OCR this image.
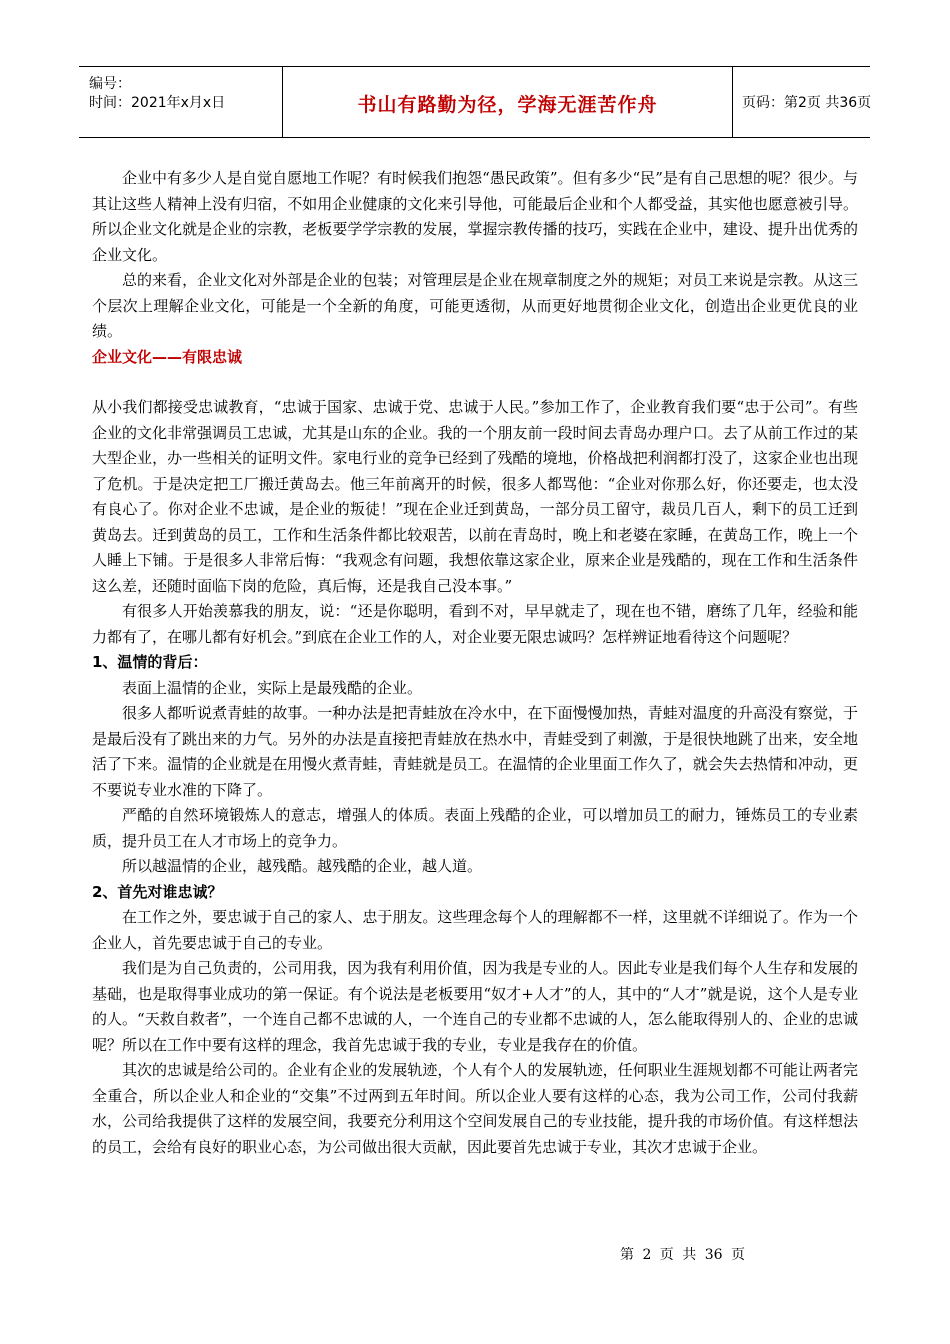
编号：
时间：2021年x月x日	书山有路勤为径，学海无涯苦作舟	页码：第2页 共36页

企业中有多少人是自觉自愿地工作呢？有时候我们抱怨“愚民政策”。但有多少“民”是有自己思想的呢？很少。与其让这些人精神上没有归宿，不如用企业健康的文化来引导他，可能最后企业和个人都受益，其实他也愿意被引导。所以企业文化就是企业的宗教，老板要学学宗教的发展，掌握宗教传播的技巧，实践在企业中，建设、提升出优秀的企业文化。

总的来看，企业文化对外部是企业的包装；对管理层是企业在规章制度之外的规矩；对员工来说是宗教。从这三个层次上理解企业文化，可能是一个全新的角度，可能更透彻，从而更好地贯彻企业文化，创造出企业更优良的业绩。

企业文化——有限忠诚

从小我们都接受忠诚教育，“忠诚于国家、忠诚于党、忠诚于人民。”参加工作了，企业教育我们要“忠于公司”。有些企业的文化非常强调员工忠诚，尤其是山东的企业。我的一个朋友前一段时间去青岛办理户口。去了从前工作过的某大型企业，办一些相关的证明文件。家电行业的竞争已经到了残酷的境地，价格战把利润都打没了，这家企业也出现了危机。于是决定把工厂搬迁黄岛去。他三年前离开的时候，很多人都骂他：“企业对你那么好，你还要走，也太没有良心了。你对企业不忠诚，是企业的叛徒！”现在企业迁到黄岛，一部分员工留守，裁员几百人，剩下的员工迁到黄岛去。迁到黄岛的员工，工作和生活条件都比较艰苦，以前在青岛时，晚上和老婆在家睡，在黄岛工作，晚上一个人睡上下铺。于是很多人非常后悔：“我观念有问题，我想依靠这家企业，原来企业是残酷的，现在工作和生活条件这么差，还随时面临下岗的危险，真后悔，还是我自己没本事。”

有很多人开始羡慕我的朋友，说：“还是你聪明，看到不对，早早就走了，现在也不错，磨练了几年，经验和能力都有了，在哪儿都有好机会。”到底在企业工作的人，对企业要无限忠诚吗？怎样辨证地看待这个问题呢？

1、温情的背后：

表面上温情的企业，实际上是最残酷的企业。

很多人都听说煮青蛙的故事。一种办法是把青蛙放在冷水中，在下面慢慢加热，青蛙对温度的升高没有察觉，于是最后没有了跳出来的力气。另外的办法是直接把青蛙放在热水中，青蛙受到了刺激，于是很快地跳了出来，安全地活了下来。温情的企业就是在用慢火煮青蛙，青蛙就是员工。在温情的企业里面工作久了，就会失去热情和冲动，更不要说专业水准的下降了。

严酷的自然环境锻炼人的意志，增强人的体质。表面上残酷的企业，可以增加员工的耐力，锤炼员工的专业素质，提升员工在人才市场上的竞争力。

所以越温情的企业，越残酷。越残酷的企业，越人道。

2、首先对谁忠诚？

在工作之外，要忠诚于自己的家人、忠于朋友。这些理念每个人的理解都不一样，这里就不详细说了。作为一个企业人，首先要忠诚于自己的专业。

我们是为自己负责的，公司用我，因为我有利用价值，因为我是专业的人。因此专业是我们每个人生存和发展的基础，也是取得事业成功的第一保证。有个说法是老板要用“奴才+人才”的人，其中的“人才”就是说，这个人是专业的人。“天救自救者”，一个连自己都不忠诚的人，一个连自己的专业都不忠诚的人，怎么能取得别人的、企业的忠诚呢？所以在工作中要有这样的理念，我首先忠诚于我的专业，专业是我存在的价值。

其次的忠诚是给公司的。企业有企业的发展轨迹，个人有个人的发展轨迹，任何职业生涯规划都不可能让两者完全重合，所以企业人和企业的“交集”不过两到五年时间。所以企业人要有这样的心态，我为公司工作，公司付我薪水，公司给我提供了这样的发展空间，我要充分利用这个空间发展自己的专业技能，提升我的市场价值。有这样想法的员工，会给有良好的职业心态，为公司做出很大贡献，因此要首先忠诚于专业，其次才忠诚于企业。

第 2 页 共 36 页
